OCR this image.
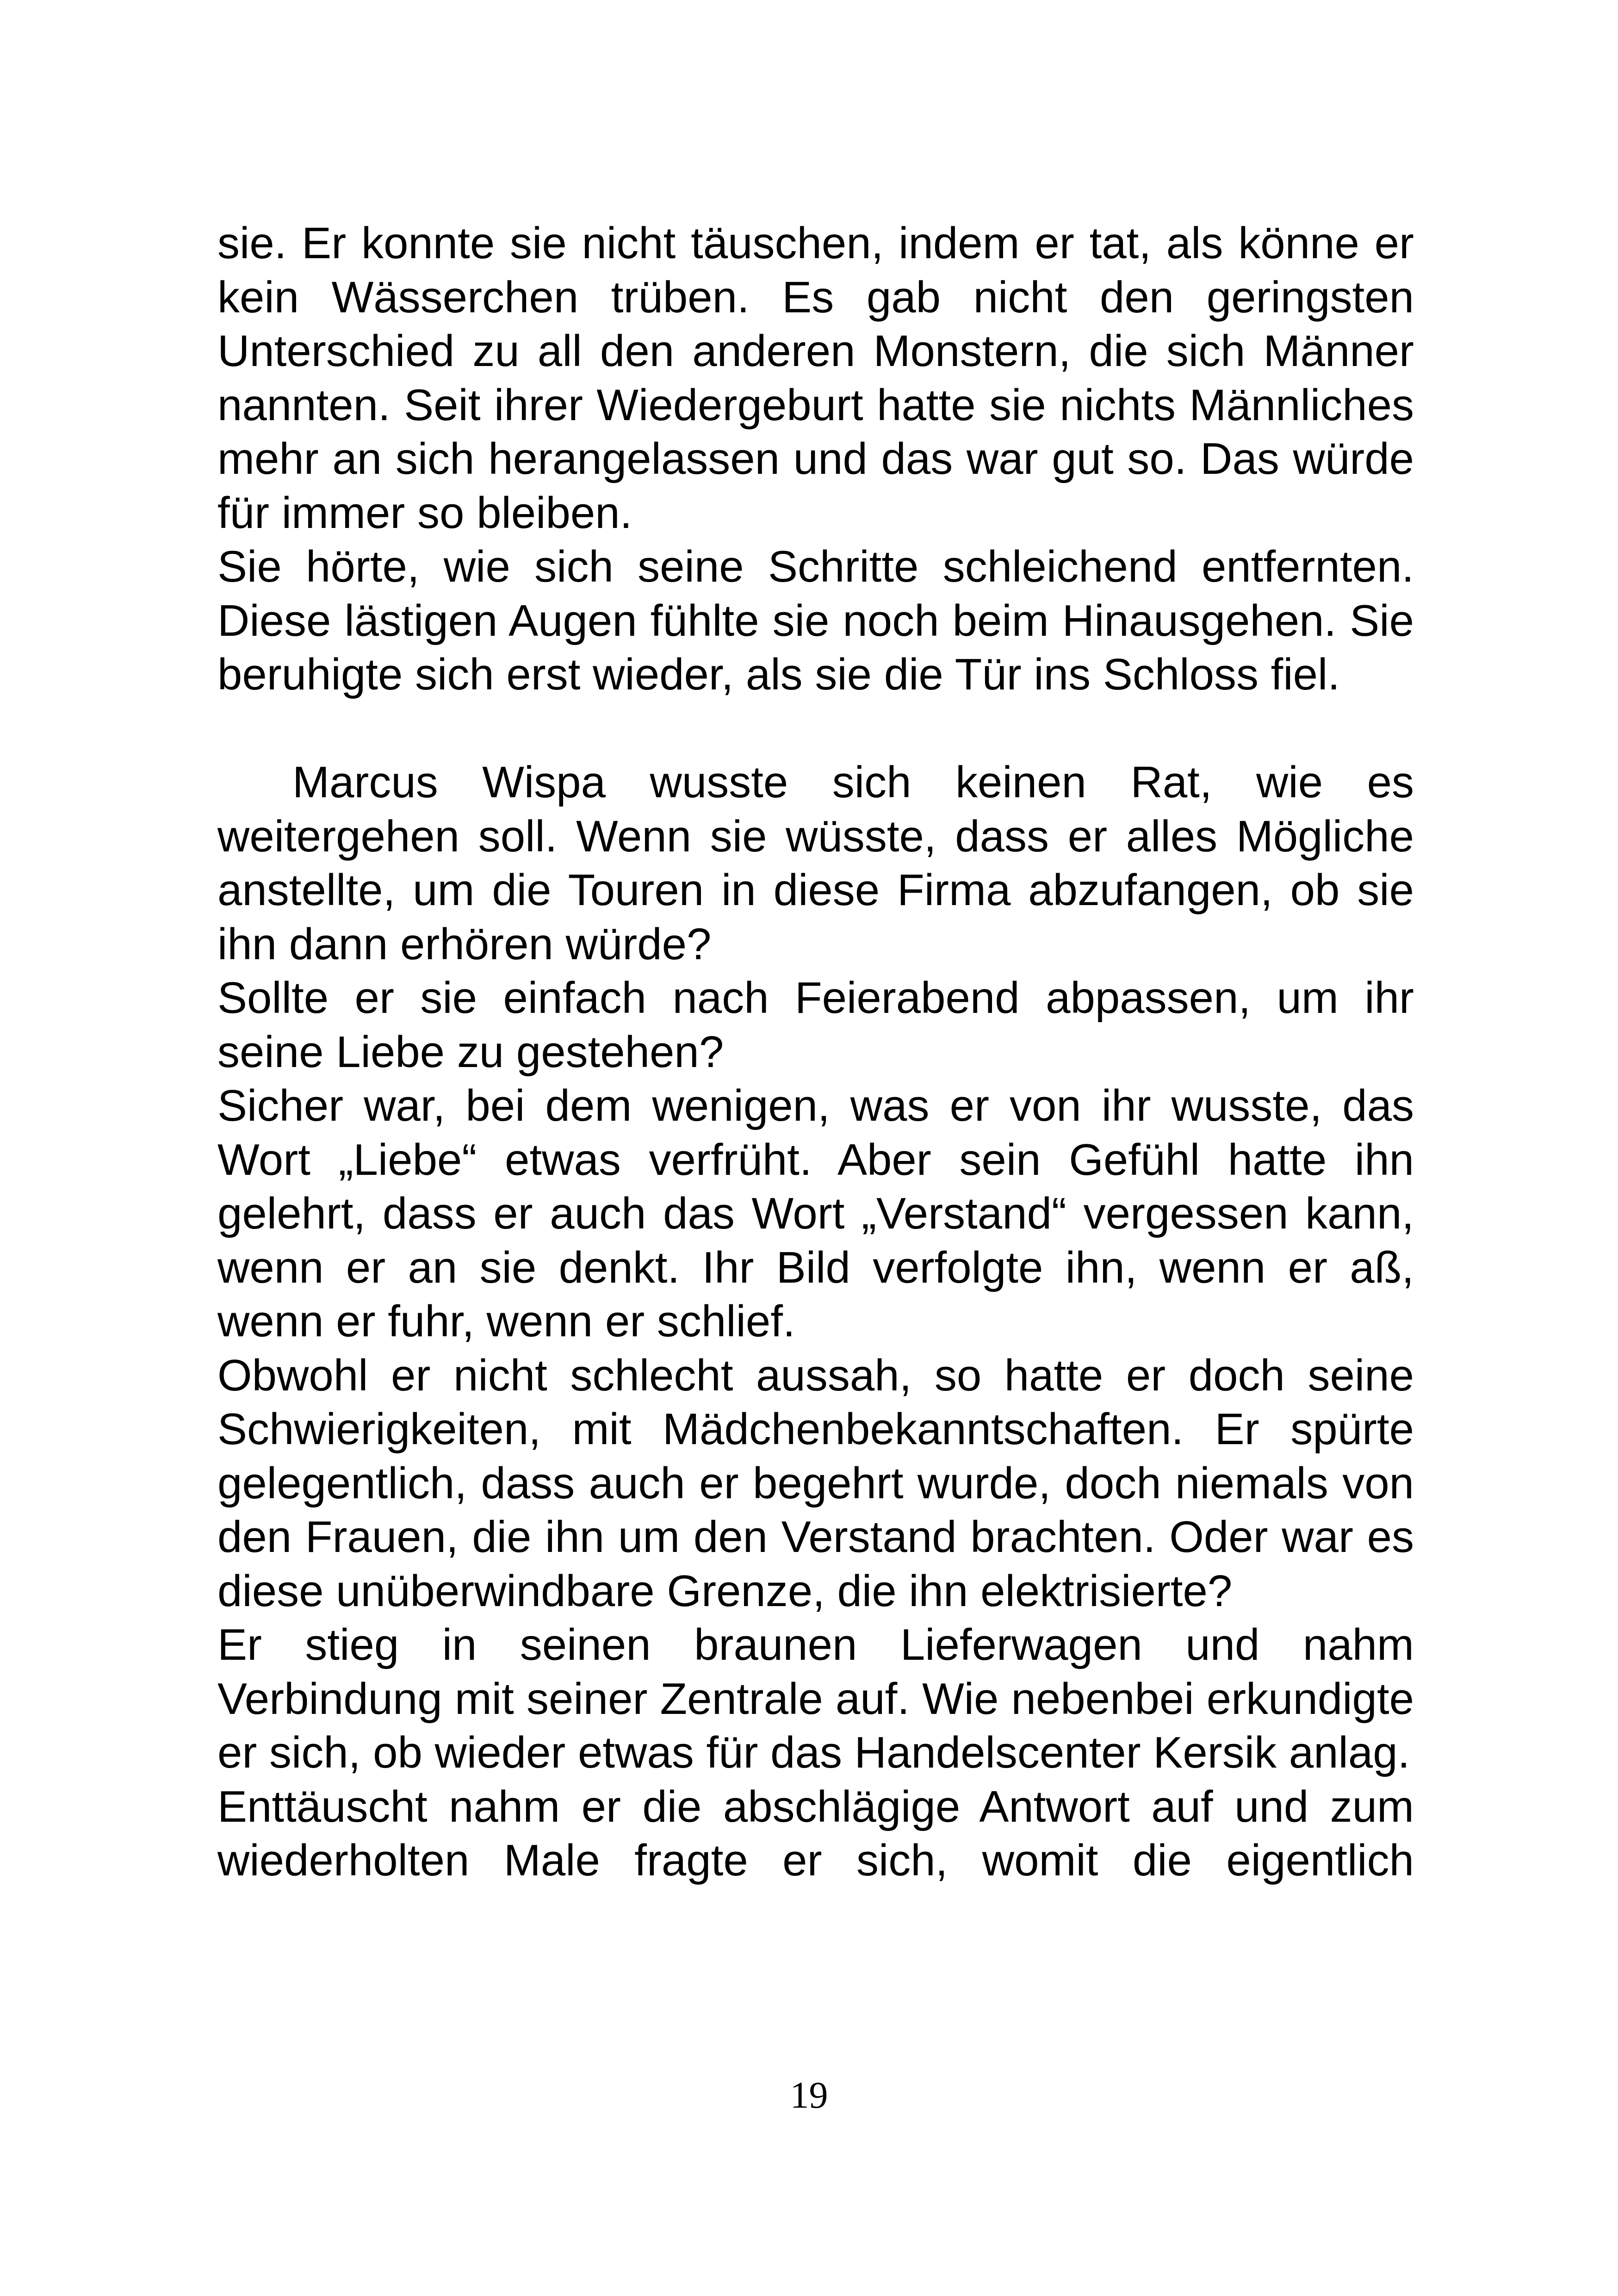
sie. Er konnte sie nicht täuschen, indem er tat, als könne er kein Wässerchen trüben. Es gab nicht den geringsten Unterschied zu all den anderen Monstern, die sich Männer nannten. Seit ihrer Wiedergeburt hatte sie nichts Männliches mehr an sich herangelassen und das war gut so. Das würde für immer so bleiben.

Sie hörte, wie sich seine Schritte schleichend entfernten. Diese lästigen Augen fühlte sie noch beim Hinausgehen. Sie beruhigte sich erst wieder, als sie die Tür ins Schloss fiel.

Marcus Wispa wusste sich keinen Rat, wie es weitergehen soll. Wenn sie wüsste, dass er alles Mögliche anstellte, um die Touren in diese Firma abzufangen, ob sie ihn dann erhören würde?

Sollte er sie einfach nach Feierabend abpassen, um ihr seine Liebe zu gestehen?

Sicher war, bei dem wenigen, was er von ihr wusste, das Wort „Liebe“ etwas verfrüht. Aber sein Gefühl hatte ihn gelehrt, dass er auch das Wort „Verstand“ vergessen kann, wenn er an sie denkt. Ihr Bild verfolgte ihn, wenn er aß, wenn er fuhr, wenn er schlief.

Obwohl er nicht schlecht aussah, so hatte er doch seine Schwierigkeiten, mit Mädchenbekanntschaften. Er spürte gelegentlich, dass auch er begehrt wurde, doch niemals von den Frauen, die ihn um den Verstand brachten. Oder war es diese unüberwindbare Grenze, die ihn elektrisierte?

Er stieg in seinen braunen Lieferwagen und nahm Verbindung mit seiner Zentrale auf. Wie nebenbei erkundigte er sich, ob wieder etwas für das Handelscenter Kersik anlag.

Enttäuscht nahm er die abschlägige Antwort auf und zum wiederholten Male fragte er sich, womit die eigentlich

19
